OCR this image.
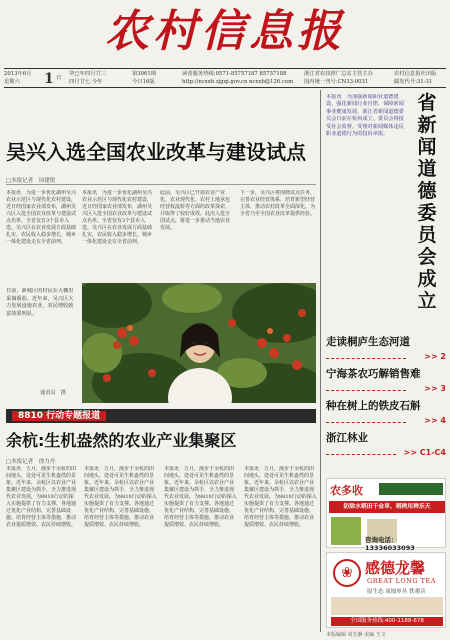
农村信息报
2013年6月
星期六	1 日
癸巳年四月廿三
四月廿七 今年
第3061期
今日16版
读者服务热线:0571-85757187 85757188
http://ncxxb.zjgqi.gov.cn ncxxb@126.com
浙江省农技推广总站主管主办
国内统一刊号:CN33-0031
农村信息报社出版
邮发代号:31-31
吴兴入选全国农业改革与建设试点
□本报记者　周建锐
本报讯　为进一步优化湖州吴兴农业示范区与现代化农村建设，近日经国家农业部发布，湖州吴兴区入选全国农业改革与建设试点名单，全省仅有3个县市入选。吴兴区在农业发展方面基础扎实，农民收入稳步增长，城乡一体化建设走在全省前列。
本报讯　为进一步优化湖州吴兴农业示范区与现代化农村建设，近日经国家农业部发布，湖州吴兴区入选全国农业改革与建设试点名单，全省仅有3个县市入选。吴兴区在农业发展方面基础扎实，农民收入稳步增长，城乡一体化建设走在全省前列。
此前，吴兴区已开展农业产业化、农业现代化、农村土地承包经营权流转等方面的改革探索，并取得了较好成效。此次入选全国试点，将进一步推动当地农业发展。
下一步，吴兴区将围绕试点任务，完善农业经营体系，培育新型经营主体，推动农村改革全面深化，为全省乃至全国农业改革提供经验。
日前，新城区的村民在大棚里采摘番茄。近年来，吴兴区大力发展设施农业，农民增收致富效果明显。
通讯员　摄
8810 行动专题报道
余杭:生机盎然的农业产业集聚区
□本报记者　徐力丹
本报讯　五月，漫步于余杭的田间地头，处处可见生机盎然的景象。近年来，余杭区以农业产业集聚区建设为抓手，全力推进现代农业发展，为8810行动的深入实施提供了有力支撑。各地通过优化产业结构、完善基础设施、培育经营主体等措施，推动农业提质增效、农民持续增收。
本报讯　五月，漫步于余杭的田间地头，处处可见生机盎然的景象。近年来，余杭区以农业产业集聚区建设为抓手，全力推进现代农业发展，为8810行动的深入实施提供了有力支撑。各地通过优化产业结构、完善基础设施、培育经营主体等措施，推动农业提质增效、农民持续增收。
本报讯　五月，漫步于余杭的田间地头，处处可见生机盎然的景象。近年来，余杭区以农业产业集聚区建设为抓手，全力推进现代农业发展，为8810行动的深入实施提供了有力支撑。各地通过优化产业结构、完善基础设施、培育经营主体等措施，推动农业提质增效、农民持续增收。
本报讯　五月，漫步于余杭的田间地头，处处可见生机盎然的景象。近年来，余杭区以农业产业集聚区建设为抓手，全力推进现代农业发展，为8810行动的深入实施提供了有力支撑。各地通过优化产业结构、完善基础设施、培育经营主体等措施，推动农业提质增效、农民持续增收。
省新闻道德委员会成立
本报讯　为加强新闻职业道德建设，强化新闻行业自律，保障新闻事业健康发展，浙江省新闻道德委员会日前在杭州成立。委员会将接受社会监督，受理对新闻媒体违反职业道德行为的投诉举报。
走读桐庐生态河道
>> 2
宁海茶农巧解销售难
>> 3
种在树上的铁皮石斛
>> 4
浙江林业
>> C1-C4
农多收
防除水稻田千金草、稻稗用稗乐天
咨询电话：13336033093
❀ 感德龙馨
GREAT LONG TEA
原生态 凤凰单丛 铁观音
全国服务热线:400-1188-678
本版编辑 周长静 美编 王文
